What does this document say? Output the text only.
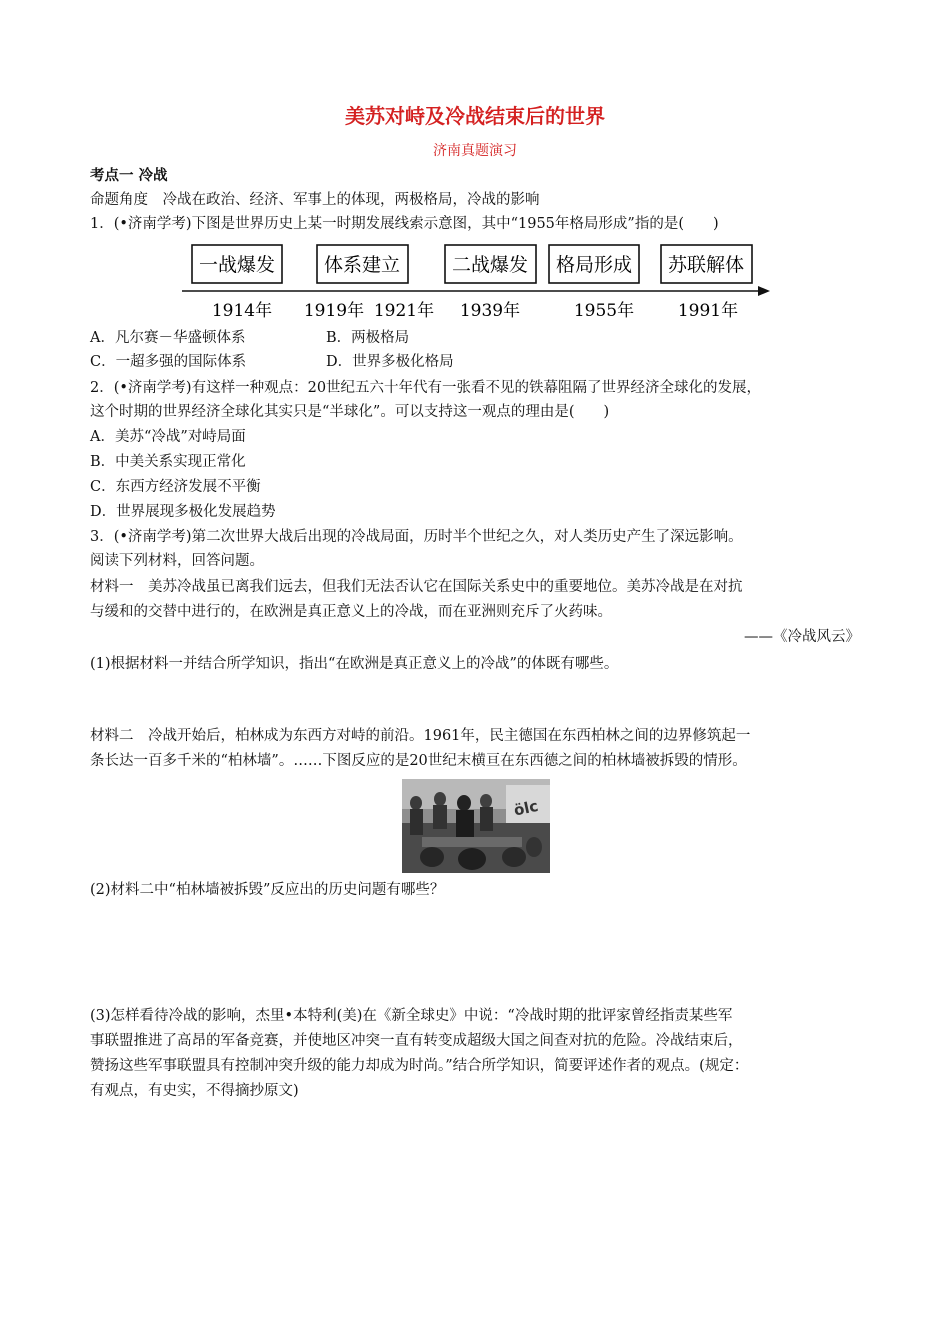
美苏对峙及冷战结束后的世界
济南真题演习
考点一 冷战
命题角度　冷战在政治、经济、军事上的体现，两极格局，冷战的影响
1．(•济南学考)下图是世界历史上某一时期发展线索示意图，其中“1955年格局形成”指的是(　　)
一战爆发	体系建立	二战爆发 格局形成 苏联解体
1914年 1919年 1921年 1939年	1955年	1991年
A．凡尔赛－华盛顿体系	B．两极格局
C．一超多强的国际体系	D．世界多极化格局
2．(•济南学考)有这样一种观点：20世纪五六十年代有一张看不见的铁幕阻隔了世界经济全球化的发展，
这个时期的世界经济全球化其实只是“半球化”。可以支持这一观点的理由是(　　)
A．美苏“冷战”对峙局面
B．中美关系实现正常化
C．东西方经济发展不平衡
D．世界展现多极化发展趋势
3．(•济南学考)第二次世界大战后出现的冷战局面，历时半个世纪之久，对人类历史产生了深远影响。
阅读下列材料，回答问题。
材料一　美苏冷战虽已离我们远去，但我们无法否认它在国际关系史中的重要地位。美苏冷战是在对抗
与缓和的交替中进行的，在欧洲是真正意义上的冷战，而在亚洲则充斥了火药味。
——《冷战风云》
(1)根据材料一并结合所学知识，指出“在欧洲是真正意义上的冷战”的体既有哪些。
材料二　冷战开始后，柏林成为东西方对峙的前沿。1961年，民主德国在东西柏林之间的边界修筑起一
条长达一百多千米的“柏林墙”。……下图反应的是20世纪末横亘在东西德之间的柏林墙被拆毁的情形。
ölc
(2)材料二中“柏林墙被拆毁”反应出的历史问题有哪些？
(3)怎样看待冷战的影响，杰里•本特利(美)在《新全球史》中说：“冷战时期的批评家曾经指责某些军
事联盟推进了高昂的军备竞赛，并使地区冲突一直有转变成超级大国之间查对抗的危险。冷战结束后，
赞扬这些军事联盟具有控制冲突升级的能力却成为时尚。”结合所学知识，简要评述作者的观点。(规定：
有观点，有史实，不得摘抄原文)
